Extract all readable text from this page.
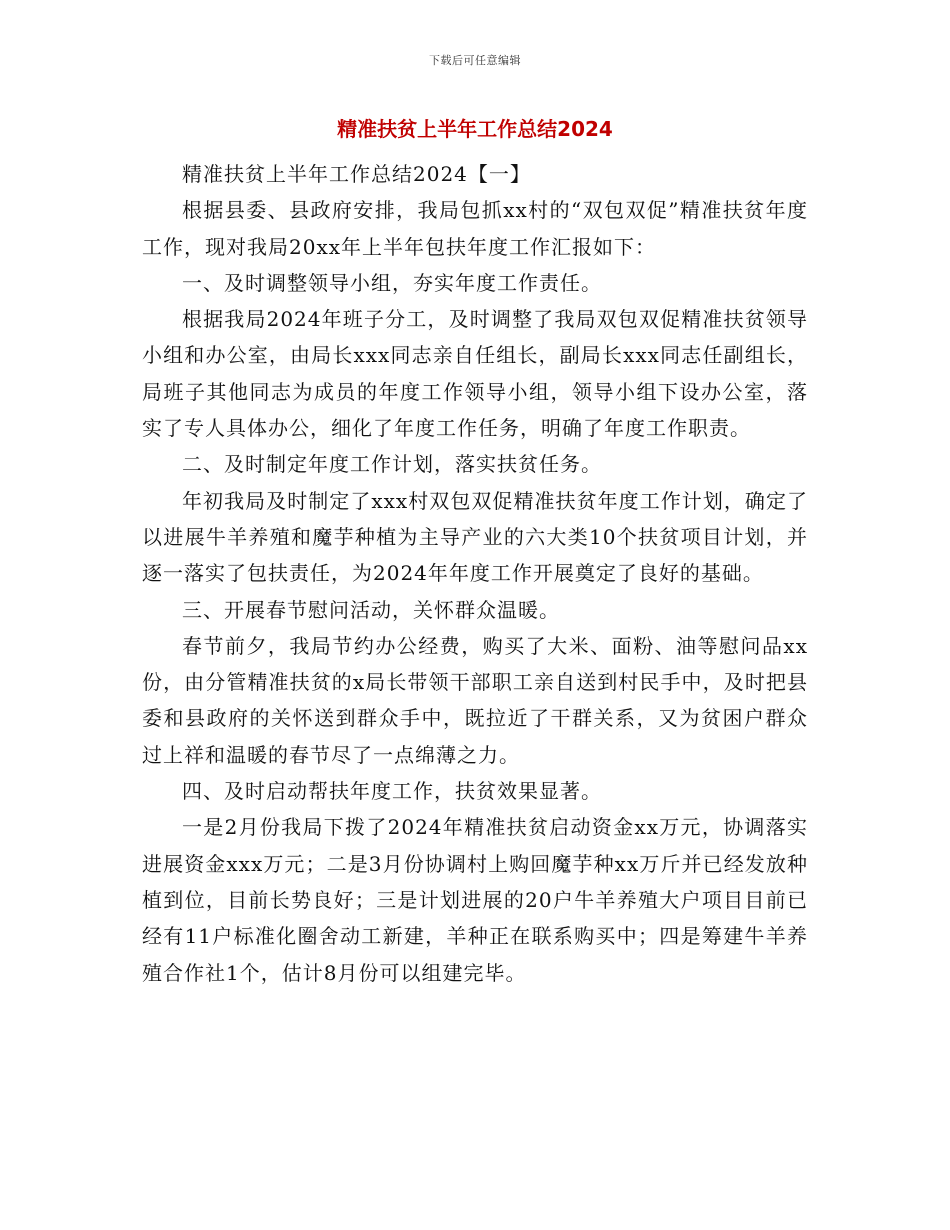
下载后可任意编辑
精准扶贫上半年工作总结2024

精准扶贫上半年工作总结2024【一】

根据县委、县政府安排，我局包抓xx村的“双包双促”精准扶贫年度工作，现对我局20xx年上半年包扶年度工作汇报如下：

一、及时调整领导小组，夯实年度工作责任。

根据我局2024年班子分工，及时调整了我局双包双促精准扶贫领导小组和办公室，由局长xxx同志亲自任组长，副局长xxx同志任副组长，局班子其他同志为成员的年度工作领导小组，领导小组下设办公室，落实了专人具体办公，细化了年度工作任务，明确了年度工作职责。

二、及时制定年度工作计划，落实扶贫任务。

年初我局及时制定了xxx村双包双促精准扶贫年度工作计划，确定了以进展牛羊养殖和魔芋种植为主导产业的六大类10个扶贫项目计划，并逐一落实了包扶责任，为2024年年度工作开展奠定了良好的基础。

三、开展春节慰问活动，关怀群众温暖。

春节前夕，我局节约办公经费，购买了大米、面粉、油等慰问品xx份，由分管精准扶贫的x局长带领干部职工亲自送到村民手中，及时把县委和县政府的关怀送到群众手中，既拉近了干群关系，又为贫困户群众过上祥和温暖的春节尽了一点绵薄之力。

四、及时启动帮扶年度工作，扶贫效果显著。

一是2月份我局下拨了2024年精准扶贫启动资金xx万元，协调落实进展资金xxx万元；二是3月份协调村上购回魔芋种xx万斤并已经发放种植到位，目前长势良好；三是计划进展的20户牛羊养殖大户项目目前已经有11户标准化圈舍动工新建，羊种正在联系购买中；四是筹建牛羊养殖合作社1个，估计8月份可以组建完毕。
